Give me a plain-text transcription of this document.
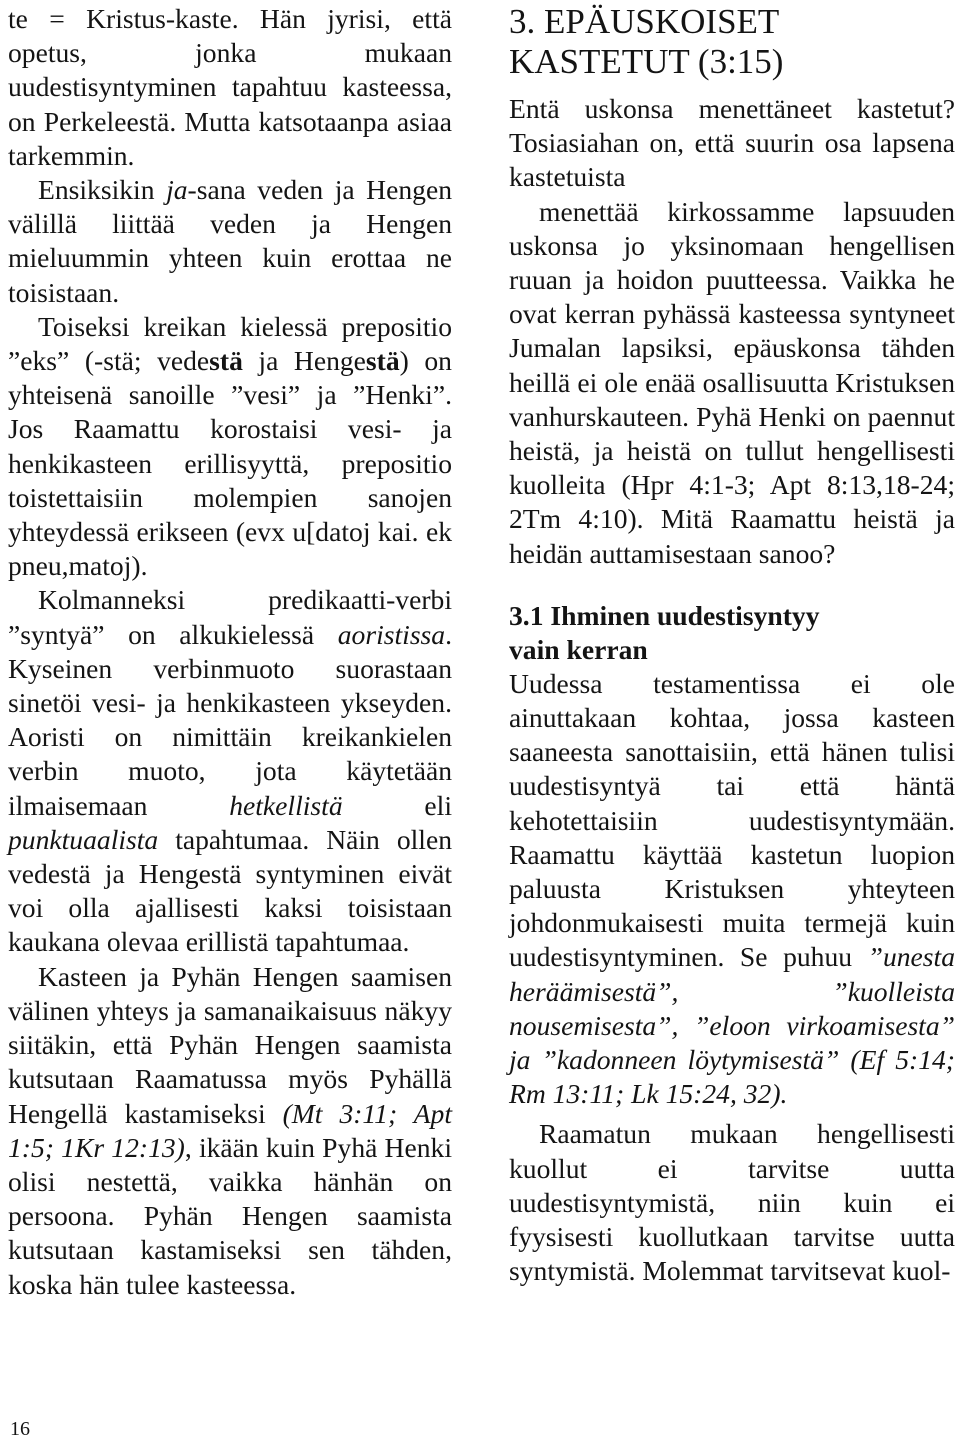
te = Kristus-kaste. Hän jyrisi, että opetus, jonka mukaan uudestisyntyminen tapahtuu kasteessa, on Perkeleestä. Mutta katsotaanpa asiaa tarkemmin.

Ensiksikin ja-sana veden ja Hengen välillä liittää veden ja Hengen mieluummin yhteen kuin erottaa ne toisistaan.

Toiseksi kreikan kielessä prepositio ”eks” (-stä; vedestä ja Hengestä) on yhteisenä sanoille ”vesi” ja ”Henki”. Jos Raamattu korostaisi vesi- ja henkikasteen erillisyyttä, prepositio toistettaisiin molempien sanojen yhteydessä erikseen (evx u[datoj kai. ek pneu,matoj).

Kolmanneksi predikaatti-verbi ”syntyä” on alkukielessä aoristissa. Kyseinen verbinmuoto suorastaan sinetöi vesi- ja henkikasteen ykseyden. Aoristi on nimittäin kreikankielen verbin muoto, jota käytetään ilmaisemaan hetkellistä eli punktuaalista tapahtumaa. Näin ollen vedestä ja Hengestä syntyminen eivät voi olla ajallisesti kaksi toisistaan kaukana olevaa erillistä tapahtumaa.

Kasteen ja Pyhän Hengen saamisen välinen yhteys ja samanaikaisuus näkyy siitäkin, että Pyhän Hengen saamista kutsutaan Raamatussa myös Pyhällä Hengellä kastamiseksi (Mt 3:11; Apt 1:5; 1Kr 12:13), ikään kuin Pyhä Henki olisi nestettä, vaikka hänhän on persoona. Pyhän Hengen saamista kutsutaan kastamiseksi sen tähden, koska hän tulee kasteessa.

3. EPÄUSKOISET
KASTETUT (3:15)

Entä uskonsa menettäneet kastetut? Tosiasiahan on, että suurin osa lapsena kastetuista

menettää kirkossamme lapsuuden uskonsa jo yksinomaan hengellisen ruuan ja hoidon puutteessa. Vaikka he ovat kerran pyhässä kasteessa syntyneet Jumalan lapsiksi, epäuskonsa tähden heillä ei ole enää osallisuutta Kristuksen vanhurskauteen. Pyhä Henki on paennut heistä, ja heistä on tullut hengellisesti kuolleita (Hpr 4:1-3; Apt 8:13,18-24; 2Tm 4:10). Mitä Raamattu heistä ja heidän auttamisestaan sanoo?

3.1 Ihminen uudestisyntyy
vain kerran

Uudessa testamentissa ei ole ainuttakaan kohtaa, jossa kasteen saaneesta sanottaisiin, että hänen tulisi uudestisyntyä tai että häntä kehotettaisiin uudestisyntymään. Raamattu käyttää kastetun luopion paluusta Kristuksen yhteyteen johdonmukaisesti muita termejä kuin uudestisyntyminen. Se puhuu ”unesta heräämisestä”, ”kuolleista nousemisesta”, ”eloon virkoamisesta” ja ”kadonneen löytymisestä” (Ef 5:14; Rm 13:11; Lk 15:24, 32).

Raamatun mukaan hengellisesti kuollut ei tarvitse uutta uudestisyntymistä, niin kuin ei fyysisesti kuollutkaan tarvitse uutta syntymistä. Molemmat tarvitsevat kuol-

16
